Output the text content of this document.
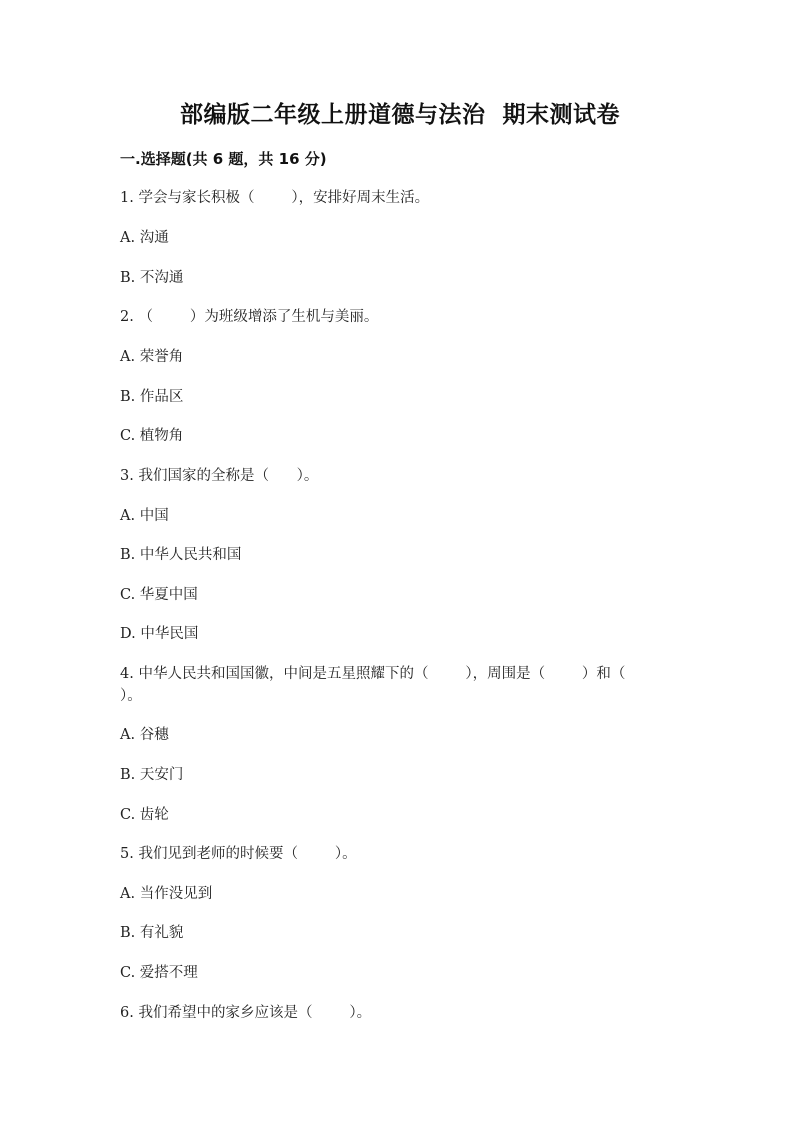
部编版二年级上册道德与法治  期末测试卷
一.选择题(共 6 题，共 16 分)
1. 学会与家长积极（        ），安排好周末生活。
A. 沟通
B. 不沟通
2. （        ）为班级增添了生机与美丽。
A. 荣誉角
B. 作品区
C. 植物角
3. 我们国家的全称是（      ）。
A. 中国
B. 中华人民共和国
C. 华夏中国
D. 中华民国
4. 中华人民共和国国徽，中间是五星照耀下的（        ），周围是（        ）和（        ）。
A. 谷穗
B. 天安门
C. 齿轮
5. 我们见到老师的时候要（        ）。
A. 当作没见到
B. 有礼貌
C. 爱搭不理
6. 我们希望中的家乡应该是（        ）。
